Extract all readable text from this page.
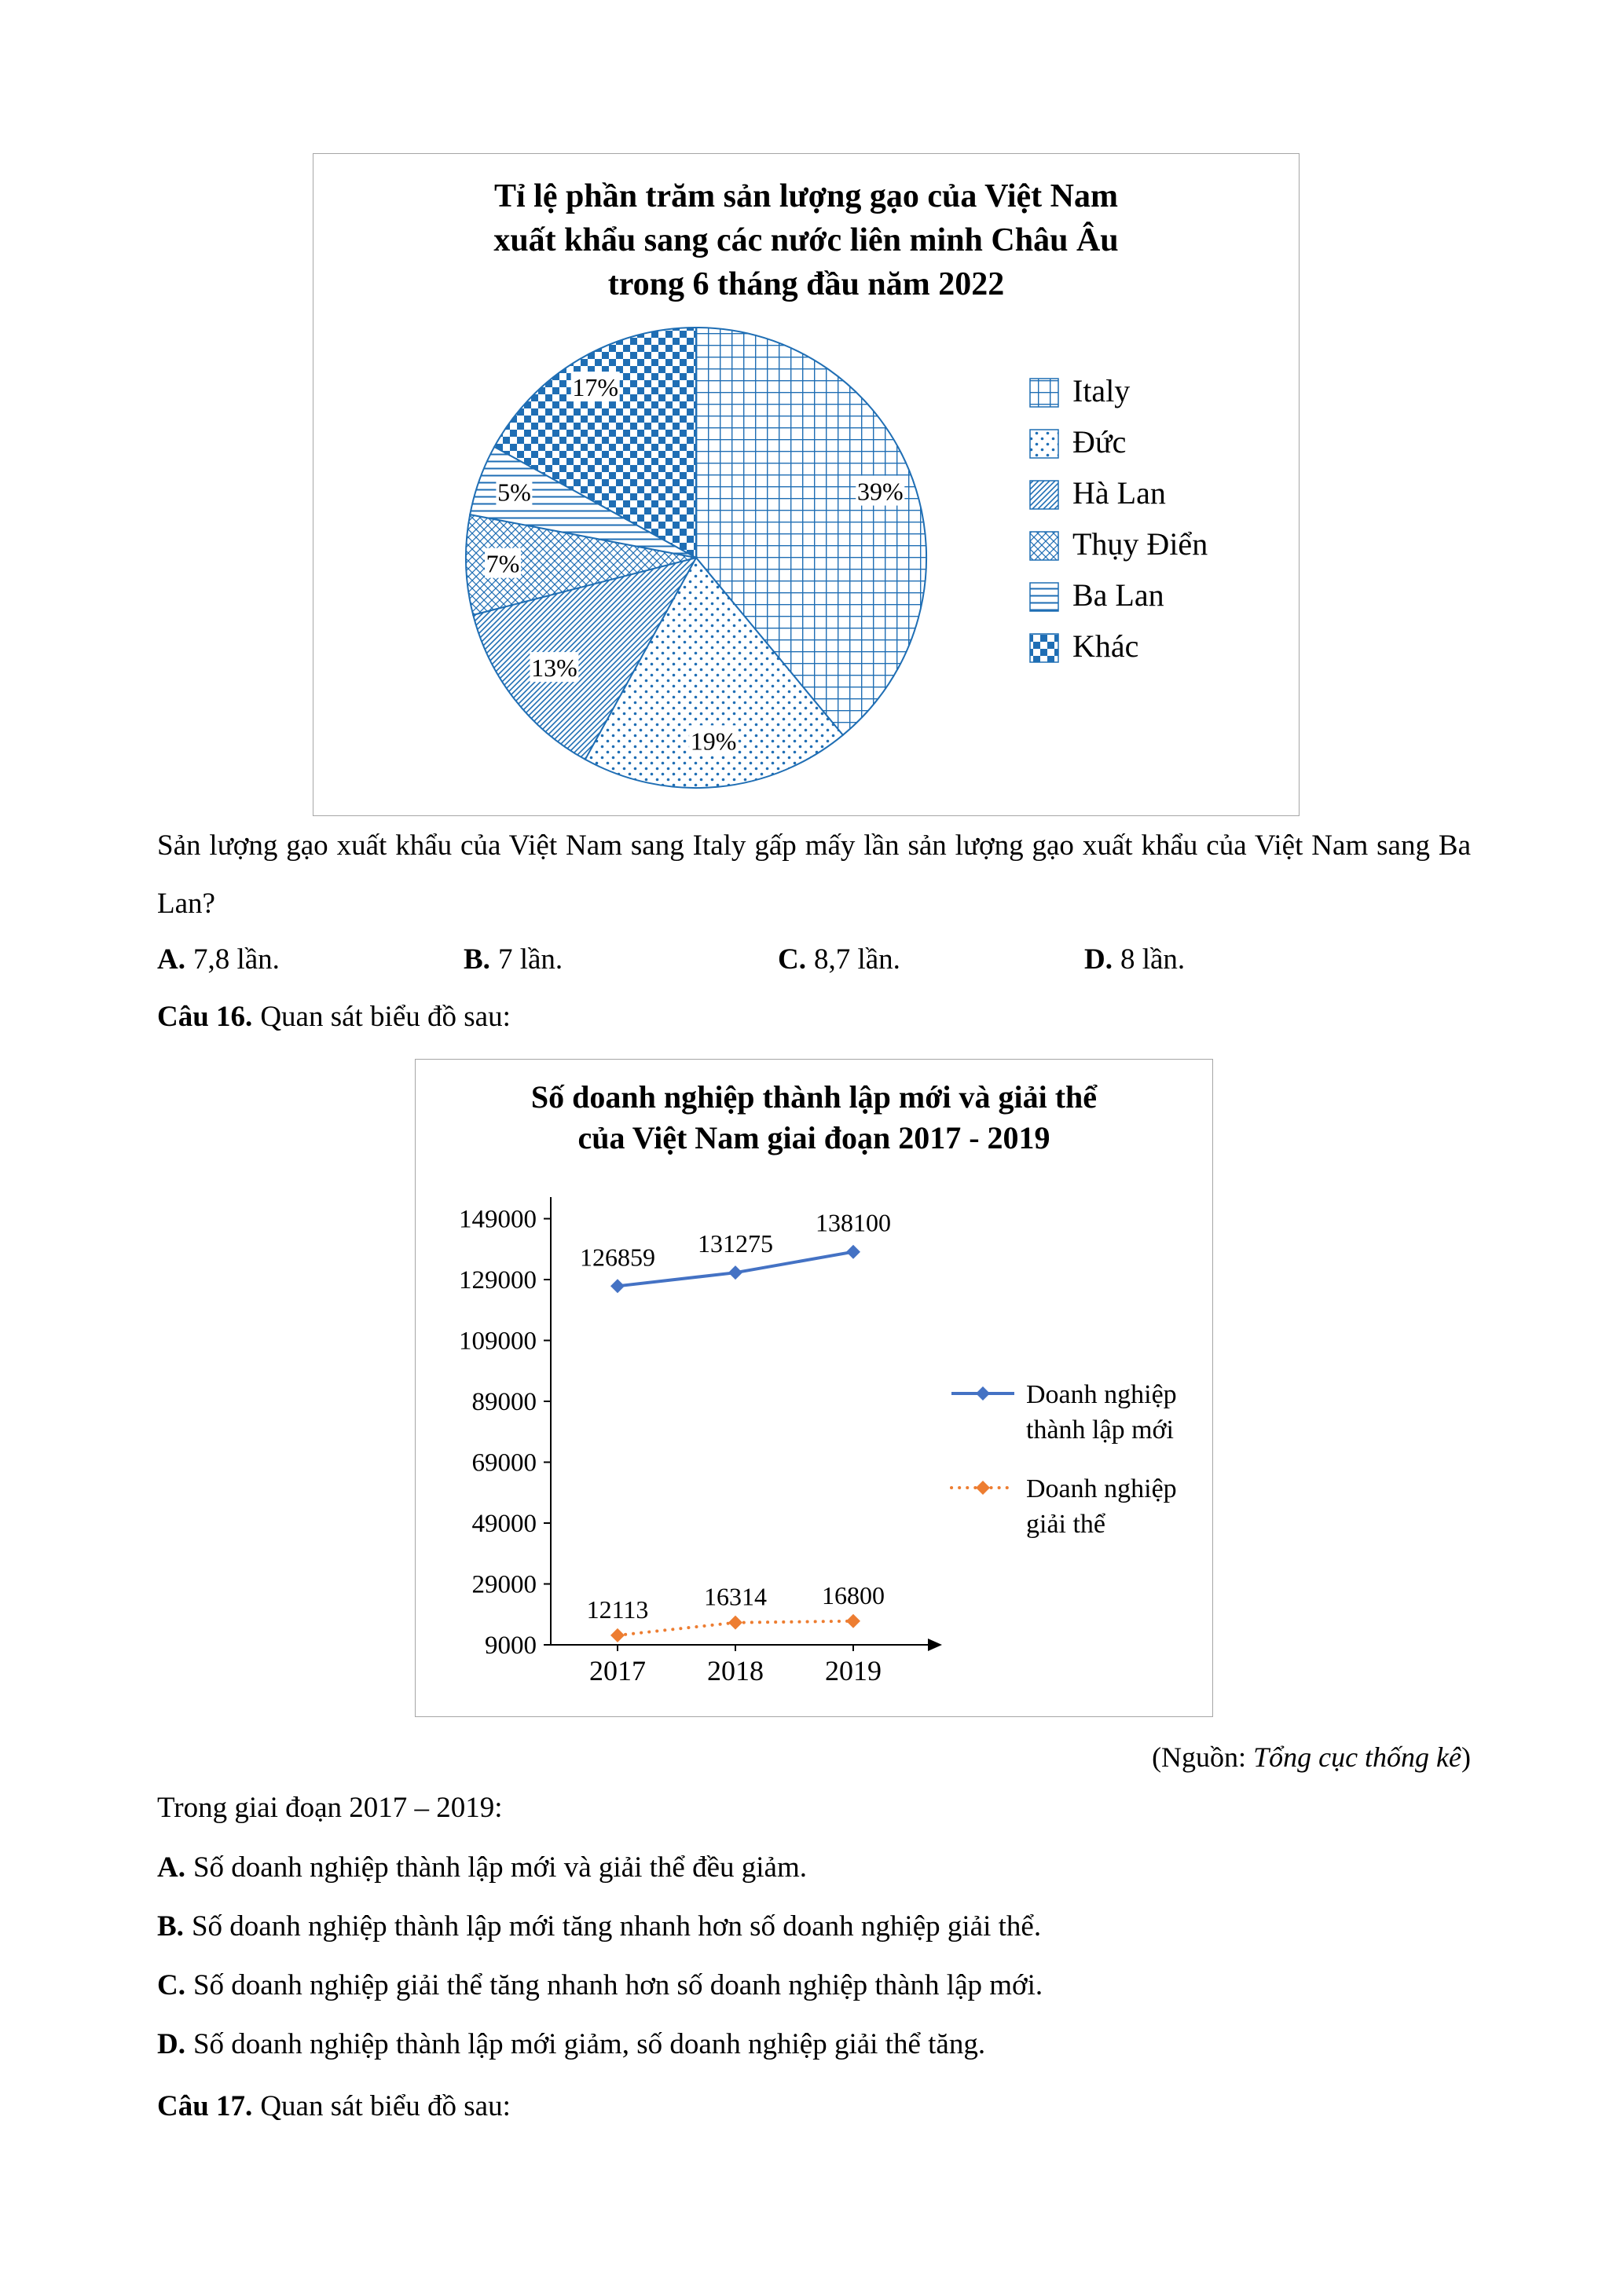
Tỉ lệ phần trăm sản lượng gạo của Việt Nam
xuất khẩu sang các nước liên minh Châu Âu
trong 6 tháng đầu năm 2022
39%
19%
13%
7%
5%
17%	Italy
Đức
Hà Lan
Thụy Điển
Ba Lan
Khác

Sản lượng gạo xuất khẩu của Việt Nam sang Italy gấp mấy lần sản lượng gạo xuất khẩu của Việt Nam sang Ba Lan?

A. 7,8 lần.	B. 7 lần.	C. 8,7 lần.	D. 8 lần.
Câu 16. Quan sát biểu đồ sau:
Số doanh nghiệp thành lập mới và giải thể
của Việt Nam giai đoạn 2017 - 2019
149000
129000
109000
89000
69000
49000
29000
9000
2017 2018 2019
126859 131275
138100
12113 16314 16800
Doanh nghiệp
thành lập mới
Doanh nghiệp
giải thể
(Nguồn: Tổng cục thống kê)
Trong giai đoạn 2017 – 2019:
A. Số doanh nghiệp thành lập mới và giải thể đều giảm.
B. Số doanh nghiệp thành lập mới tăng nhanh hơn số doanh nghiệp giải thể.
C. Số doanh nghiệp giải thể tăng nhanh hơn số doanh nghiệp thành lập mới.
D. Số doanh nghiệp thành lập mới giảm, số doanh nghiệp giải thể tăng.
Câu 17. Quan sát biểu đồ sau:
